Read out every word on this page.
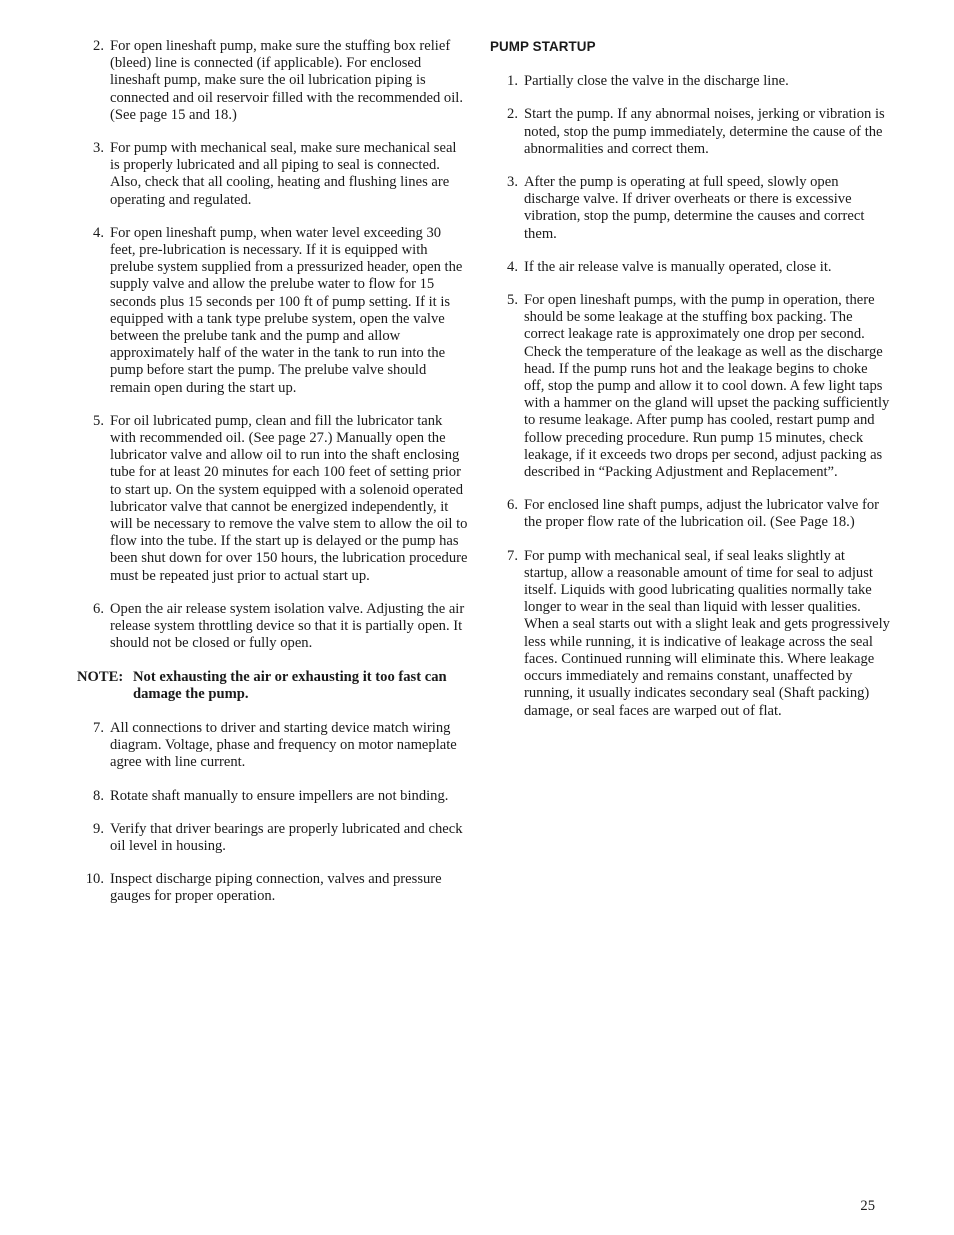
2. For open lineshaft pump, make sure the stuffing box relief (bleed) line is connected (if applicable). For enclosed lineshaft pump, make sure the oil lubrication piping is connected and oil reservoir filled with the recommended oil. (See page 15 and 18.)
3. For pump with mechanical seal, make sure mechanical seal is properly lubricated and all piping to seal is connected. Also, check that all cooling, heating and flushing lines are operating and regulated.
4. For open lineshaft pump, when water level exceeding 30 feet, pre-lubrication is necessary. If it is equipped with prelube system supplied from a pressurized header, open the supply valve and allow the prelube water to flow for 15 seconds plus 15 seconds per 100 ft of pump setting. If it is equipped with a tank type prelube system, open the valve between the prelube tank and the pump and allow approximately half of the water in the tank to run into the pump before start the pump. The prelube valve should remain open during the start up.
5. For oil lubricated pump, clean and fill the lubricator tank with recommended oil. (See page 27.) Manually open the lubricator valve and allow oil to run into the shaft enclosing tube for at least 20 minutes for each 100 feet of setting prior to start up. On the system equipped with a solenoid operated lubricator valve that cannot be energized independently, it will be necessary to remove the valve stem to allow the oil to flow into the tube. If the start up is delayed or the pump has been shut down for over 150 hours, the lubrication procedure must be repeated just prior to actual start up.
6. Open the air release system isolation valve. Adjusting the air release system throttling device so that it is partially open. It should not be closed or fully open.
NOTE: Not exhausting the air or exhausting it too fast can damage the pump.
7. All connections to driver and starting device match wiring diagram. Voltage, phase and frequency on motor nameplate agree with line current.
8. Rotate shaft manually to ensure impellers are not binding.
9. Verify that driver bearings are properly lubricated and check oil level in housing.
10. Inspect discharge piping connection, valves and pressure gauges for proper operation.
PUMP STARTUP
1. Partially close the valve in the discharge line.
2. Start the pump. If any abnormal noises, jerking or vibration is noted, stop the pump immediately, determine the cause of the abnormalities and correct them.
3. After the pump is operating at full speed, slowly open discharge valve. If driver overheats or there is excessive vibration, stop the pump, determine the causes and correct them.
4. If the air release valve is manually operated, close it.
5. For open lineshaft pumps, with the pump in operation, there should be some leakage at the stuffing box packing. The correct leakage rate is approximately one drop per second. Check the temperature of the leakage as well as the discharge head. If the pump runs hot and the leakage begins to choke off, stop the pump and allow it to cool down. A few light taps with a hammer on the gland will upset the packing sufficiently to resume leakage. After pump has cooled, restart pump and follow preceding procedure. Run pump 15 minutes, check leakage, if it exceeds two drops per second, adjust packing as described in “Packing Adjustment and Replacement”.
6. For enclosed line shaft pumps, adjust the lubricator valve for the proper flow rate of the lubrication oil. (See Page 18.)
7. For pump with mechanical seal, if seal leaks slightly at startup, allow a reasonable amount of time for seal to adjust itself. Liquids with good lubricating qualities normally take longer to wear in the seal than liquid with lesser qualities. When a seal starts out with a slight leak and gets progressively less while running, it is indicative of leakage across the seal faces. Continued running will eliminate this. Where leakage occurs immediately and remains constant, unaffected by running, it usually indicates secondary seal (Shaft packing) damage, or seal faces are warped out of flat.
25
